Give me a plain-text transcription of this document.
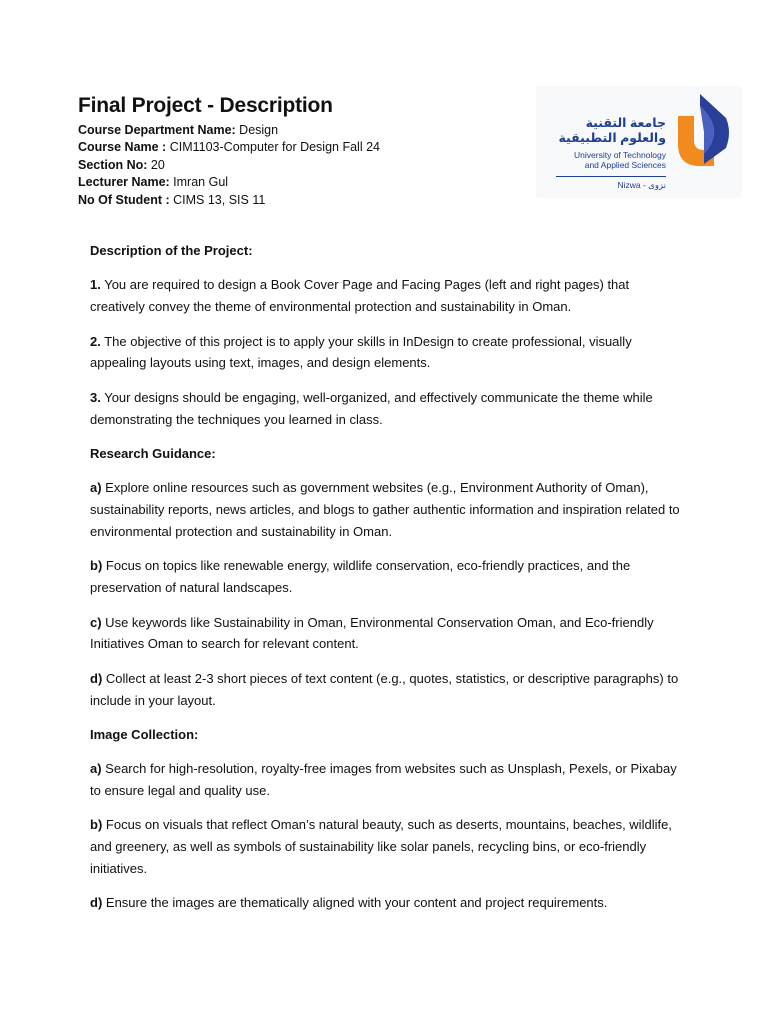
Final Project - Description
Course Department Name: Design
Course Name : CIM1103-Computer for Design Fall 24
Section No: 20
Lecturer Name: Imran Gul
No Of Student : CIMS 13, SIS 11
جامعة التقنية
والعلوم التطبيقية
University of Technology
and Applied Sciences
Nizwa - نزوى

Description of the Project:

1. You are required to design a Book Cover Page and Facing Pages (left and right pages) that creatively convey the theme of environmental protection and sustainability in Oman.

2. The objective of this project is to apply your skills in InDesign to create professional, visually appealing layouts using text, images, and design elements.

3. Your designs should be engaging, well-organized, and effectively communicate the theme while demonstrating the techniques you learned in class.

Research Guidance:

a) Explore online resources such as government websites (e.g., Environment Authority of Oman), sustainability reports, news articles, and blogs to gather authentic information and inspiration related to environmental protection and sustainability in Oman.

b) Focus on topics like renewable energy, wildlife conservation, eco-friendly practices, and the preservation of natural landscapes.

c) Use keywords like Sustainability in Oman, Environmental Conservation Oman, and Eco-friendly Initiatives Oman to search for relevant content.

d) Collect at least 2-3 short pieces of text content (e.g., quotes, statistics, or descriptive paragraphs) to include in your layout.

Image Collection:

a) Search for high-resolution, royalty-free images from websites such as Unsplash, Pexels, or Pixabay to ensure legal and quality use.

b) Focus on visuals that reflect Oman’s natural beauty, such as deserts, mountains, beaches, wildlife, and greenery, as well as symbols of sustainability like solar panels, recycling bins, or eco-friendly initiatives.

d) Ensure the images are thematically aligned with your content and project requirements.
